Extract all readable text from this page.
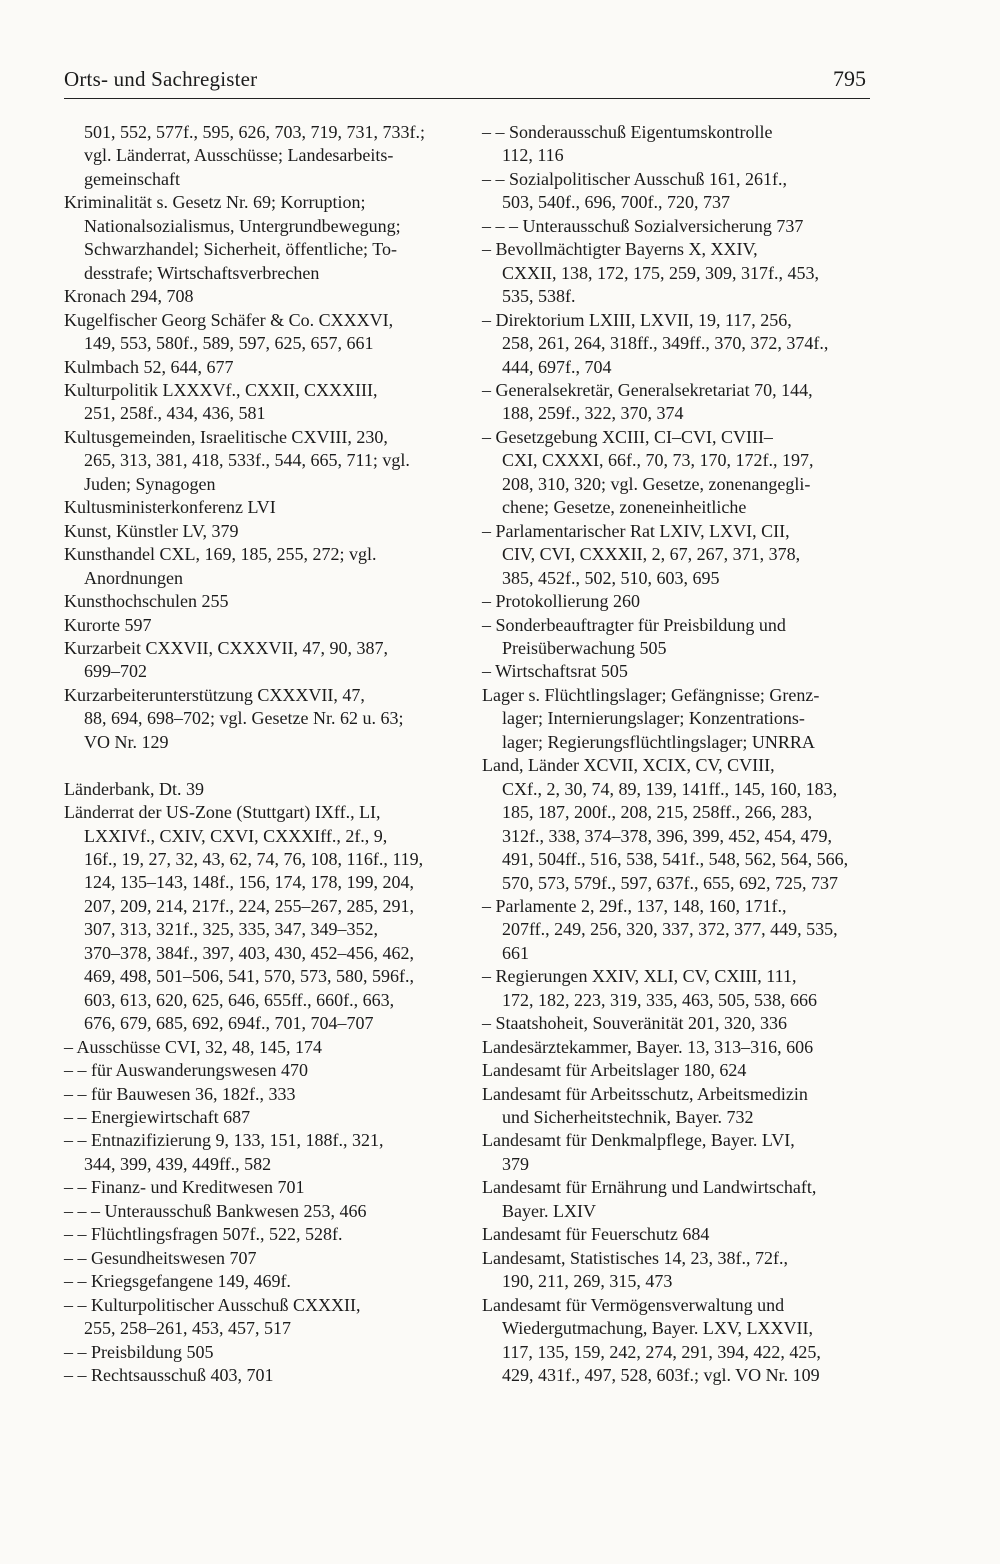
Orts- und Sachregister	795
501, 552, 577f., 595, 626, 703, 719, 731, 733f.;
vgl. Länderrat, Ausschüsse; Landesarbeits-
gemeinschaft
Kriminalität s. Gesetz Nr. 69; Korruption;
Nationalsozialismus, Untergrundbewegung;
Schwarzhandel; Sicherheit, öffentliche; To-
desstrafe; Wirtschaftsverbrechen
Kronach 294, 708
Kugelfischer Georg Schäfer & Co. CXXXVI,
149, 553, 580f., 589, 597, 625, 657, 661
Kulmbach 52, 644, 677
Kulturpolitik LXXXVf., CXXII, CXXXIII,
251, 258f., 434, 436, 581
Kultusgemeinden, Israelitische CXVIII, 230,
265, 313, 381, 418, 533f., 544, 665, 711; vgl.
Juden; Synagogen
Kultusministerkonferenz LVI
Kunst, Künstler LV, 379
Kunsthandel CXL, 169, 185, 255, 272; vgl.
Anordnungen
Kunsthochschulen 255
Kurorte 597
Kurzarbeit CXXVII, CXXXVII, 47, 90, 387,
699–702
Kurzarbeiterunterstützung CXXXVII, 47,
88, 694, 698–702; vgl. Gesetze Nr. 62 u. 63;
VO Nr. 129
Länderbank, Dt. 39
Länderrat der US-Zone (Stuttgart) IXff., LI,
LXXIVf., CXIV, CXVI, CXXXIff., 2f., 9,
16f., 19, 27, 32, 43, 62, 74, 76, 108, 116f., 119,
124, 135–143, 148f., 156, 174, 178, 199, 204,
207, 209, 214, 217f., 224, 255–267, 285, 291,
307, 313, 321f., 325, 335, 347, 349–352,
370–378, 384f., 397, 403, 430, 452–456, 462,
469, 498, 501–506, 541, 570, 573, 580, 596f.,
603, 613, 620, 625, 646, 655ff., 660f., 663,
676, 679, 685, 692, 694f., 701, 704–707
– Ausschüsse CVI, 32, 48, 145, 174
– – für Auswanderungswesen 470
– – für Bauwesen 36, 182f., 333
– – Energiewirtschaft 687
– – Entnazifizierung 9, 133, 151, 188f., 321,
344, 399, 439, 449ff., 582
– – Finanz- und Kreditwesen 701
– – – Unterausschuß Bankwesen 253, 466
– – Flüchtlingsfragen 507f., 522, 528f.
– – Gesundheitswesen 707
– – Kriegsgefangene 149, 469f.
– – Kulturpolitischer Ausschuß CXXXII,
255, 258–261, 453, 457, 517
– – Preisbildung 505
– – Rechtsausschuß 403, 701
– – Sonderausschuß Eigentumskontrolle
112, 116
– – Sozialpolitischer Ausschuß 161, 261f.,
503, 540f., 696, 700f., 720, 737
– – – Unterausschuß Sozialversicherung 737
– Bevollmächtigter Bayerns X, XXIV,
CXXII, 138, 172, 175, 259, 309, 317f., 453,
535, 538f.
– Direktorium LXIII, LXVII, 19, 117, 256,
258, 261, 264, 318ff., 349ff., 370, 372, 374f.,
444, 697f., 704
– Generalsekretär, Generalsekretariat 70, 144,
188, 259f., 322, 370, 374
– Gesetzgebung XCIII, CI–CVI, CVIII–
CXI, CXXXI, 66f., 70, 73, 170, 172f., 197,
208, 310, 320; vgl. Gesetze, zonenangegli-
chene; Gesetze, zoneneinheitliche
– Parlamentarischer Rat LXIV, LXVI, CII,
CIV, CVI, CXXXII, 2, 67, 267, 371, 378,
385, 452f., 502, 510, 603, 695
– Protokollierung 260
– Sonderbeauftragter für Preisbildung und
Preisüberwachung 505
– Wirtschaftsrat 505
Lager s. Flüchtlingslager; Gefängnisse; Grenz-
lager; Internierungslager; Konzentrations-
lager; Regierungsflüchtlingslager; UNRRA
Land, Länder XCVII, XCIX, CV, CVIII,
CXf., 2, 30, 74, 89, 139, 141ff., 145, 160, 183,
185, 187, 200f., 208, 215, 258ff., 266, 283,
312f., 338, 374–378, 396, 399, 452, 454, 479,
491, 504ff., 516, 538, 541f., 548, 562, 564, 566,
570, 573, 579f., 597, 637f., 655, 692, 725, 737
– Parlamente 2, 29f., 137, 148, 160, 171f.,
207ff., 249, 256, 320, 337, 372, 377, 449, 535,
661
– Regierungen XXIV, XLI, CV, CXIII, 111,
172, 182, 223, 319, 335, 463, 505, 538, 666
– Staatshoheit, Souveränität 201, 320, 336
Landesärztekammer, Bayer. 13, 313–316, 606
Landesamt für Arbeitslager 180, 624
Landesamt für Arbeitsschutz, Arbeitsmedizin
und Sicherheitstechnik, Bayer. 732
Landesamt für Denkmalpflege, Bayer. LVI,
379
Landesamt für Ernährung und Landwirtschaft,
Bayer. LXIV
Landesamt für Feuerschutz 684
Landesamt, Statistisches 14, 23, 38f., 72f.,
190, 211, 269, 315, 473
Landesamt für Vermögensverwaltung und
Wiedergutmachung, Bayer. LXV, LXXVII,
117, 135, 159, 242, 274, 291, 394, 422, 425,
429, 431f., 497, 528, 603f.; vgl. VO Nr. 109
